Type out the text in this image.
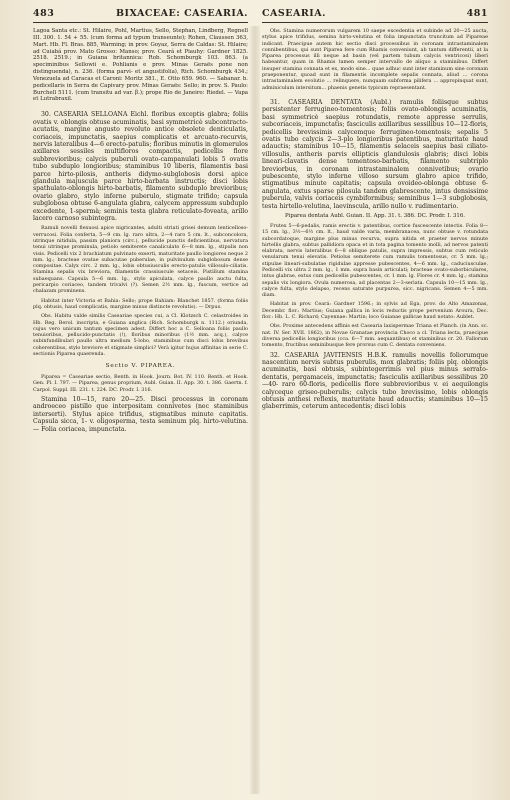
483	BIXACEAE: CASEARIA. CASEARIA.	481

Lagoa Santa etc.: St. Hilaire, Pohl, Martius, Sello, Stephan, Lindberg, Regnell III. 300. 1. 54 + 55. (cum forma ad typum transeunte); Rohen, Claussen 363, Mart. Hb. Fl. Bras. 885, Warming; in prov. Goyaz, Serra de Caldas: St. Hilaire; ad Cuiabá prov. Mato Grosso: Manso; prov. Ceará et Piauhy: Gardner 1825. 2518. 2519.; in Guiana britannica: Rob. Schomburgk 103. 863. (a speciminibus Sellowii e. Pohlianis e prov. Minas Geraës pone non distinguenda), n. 236. (forma parvi- et angustifolia), Rich. Schomburgk 434.; Venezuela ad Caracas et Caroni: Moritz 381., E. Otto 659. 960. — Sabanar. b. pedicellaris in Serra de Capivary prov. Minas Geraës: Sello; in prov. S. Paulo: Burchell 5111. (cum transitu ad var. β.); prope Rio de Janeiro: Riedel. — Vapa et Lutrabraxil.

30. CASEARIA SELLOANA Eichl. floribus exceptis glabra; foliis ovatis v. oblongis obtuse acuminatis, basi symmetricè subcontracto-acutatis, margine angusto revoluto antice obsolete denticulatis, coriaceis, impunctatis, saepius complicatis et arcuato-recurvis, nervis lateralibus 4—6 erecto-patulis; floribus minutis in glomerulos axillares sessiles multifloros compactis, pedicellis flore subbrevioribus; calycis puberuli ovato-campanulati lobis 5 ovatis tubo subduplo longioribus; staminibus 10 liberis, filamentis basi parce hirto-pilosis, antheris didymo-subglobosis dorsi apice glandula majuscula parce hirto-barbata instructis; disci lobis spathulato-oblongis hirto-barbatis, filamento subduplo brevioribus; ovario glabro, stylo inferne puberulo, stigmate trifido; capsula subglobosa obtuse 6-angulata glabra, calycem appressum subduplo excedente, 1-spermà; seminis testa glabra reticulato-foveata, arillo lacero carnoso subintegra.

Ramuli novelli flexuosi apice nigricantes, adulti striati grisei demum lenticelloso-verrucosi. Folia conferta, 5—9 cm. lg. raro ultra, 2—4 raro 5 cm. lt., subconcolora, utrinque nitidula, passim planiora (circ.), pellucide punctis deficientibus, nervatura tenui utrinque prominula, petiolo semiterete canaliculato 6—8 mm. lg., stipulis non visis. Pedicelli vix 2 brachiatum pulvinato exserti, maturitate paullo longiores neque 2 mm. lg.; bracteae ovatae subacutae puberulae, in pulvinulum subglobosum dense compositae. Calyx circ. 2 mm. lg., lobis obtusiusculis erecto-patulis villosulo-ciliatis. Stamina sepalis vix breviora, filamentis crassiuscule setaceis. Pistillum stamina subaequans. Capsula 5—6 mm. lg., stylo apiculata, calyce paullo auctu fulta, pericarpio coriaceo, tandem trivalvi (?). Semen 2½ mm. lg., fuscum, vertice ad chalazam prominens.

Habitat inter Victoria et Bahia: Sello; prope Bahiam: Blanchet 1857. (forma foliis plq. obtusis, haud complicatis, margine minus distincte revolutis). — Drpus.

Obs. Habitu valde similis Caseariae species cui, a Cl. Klotzsch C. celastroides in Hb. Reg. Berol. inscripta, e Guiana anglica (Rich. Schomburgk n. 1112.) oriunda, cujus vero unicum tantum specimen adest. Differt hoc a C. Selloana foliis paullo tenuioribus, pellucido-punctatis (!), floribus minoribus (1½ mm. acq.), calyce subinfundibulari paullo ultra medium 5-lobo, staminibus cum disci lobis brevibus coherentibus, stylo breviore et stigmate simplici? Verà igitur hujus affinitas in serie C. sectionis Piparea quaerenda.

Sectio V. PIPAREA.

Piparea = Caseariae sectio, Benth. in Hook. Journ. Bot. IV. 110. Benth. et Hook. Gen. Pl. I. 797. — Piparea, genus proprium, Aubl. Guian. II. App. 30. t. 386. Gaertn. f. Carpol. Suppl. III. 231. t. 224. DC. Prodr. I. 316.

Stamina 10—15, raro 20—25. Disci processus in coronam androeceo pistillo que interpositam connivetes (nec staminibus interserti). Stylus apice trifidus, stigmatibus minute capitatis. Capsula sicca, 1- v. oligosperma, testa seminum plq. hirto-velutina. — Folia coriacea, impunctata.

Obs. Stamina numerorum vulgarem 10 saepe excedentia et subinde ad 20—25 aucta, stylus apice trifidus, semina hirto-velutina et folia impunctata truncitum ad Pipareae indicant. Praecipue autem hic sectio disci processibus in coronam intrastaminalem connibentibus, qui sunt Piparea fere cum Rhamis conveniunt, ab tantum differentii, at la Piparea processus illi neque ad basin (vel partem tubum calycis ventricosi) liberi habeantur, quam in Rhamis tamen semper intervallo de aliquo a staminibus. Differt insuper stamina connata et ex, modo sine... quae adhuc sunt inter staminum sine coronam praeponentur, quoad sunt in filamentis incomplete sepalis connata, aliud ... corona intrastaminalem evolutio ... relinquere, nunquam subforma pilifera ... appropinquat sunt, adminiculum intersitum... phaenis genetis typicum repraesentant.

31. CASEARIA DENTATA (Aubl.) ramulis foliisque subtus persistenter ferrugineo-tomentosis; foliis ovato-oblongis acuminatis, basi symmetricè saepius rotundatis, remote appresse serrulis, subcoriaceis, impunctatis; fasciculis axillaribus sessilibus 10—12-floris, pedicellis brevissimis calycemque ferrugineo-tomentosis; sepalis 5 ovatis tubo calycis 2—3-plo longioribus patentibus, maturitate haud adauctis; staminibus 10—15, filamentis selaceis saepius basi ciliato-villosulis, antheris parvis ellipticis glandulosis glabris; disci lobis lineari-clavatis dense tomentoso-barbatis, filamento subtriplo breviorbus, in coronam intrastaminalem connivetibus; ovario pubescente, stylo inferne villoso sursum glabro apice trifido, stigmatibus minute capitatis; capsula ovoideo-oblonga obtuse 6-angulata, extus sparse pilosula tandem glabrescente, intus densissime puberula, valvis coriaceis cymbiformibus; seminibus 1—3 subglobosis, testa hirtello-velutina, laevinscula, arillo nullo v. rudimentario.

Piparea dentata Aubl. Guian. II. App. 31. t. 386. DC. Prodr. I. 316.

Frutex 5—6-pedalis, ramis erectis v. patentibus, cortice fuscescente intectis. Folia 8—15 cm. lg., 3½—6½ cm. lt., haud valde varia, membranacea, nunc obtuse v. rotundata subcordatoque, margine plus minus recurva, supra nitida et praeter nervos minute hirtellis glabra, subtus pallidiora opaca et in tota pagina tomento molli, ad nervos patenti elabrata, nervis lateralibus 6—8 oblique patulis, supra impressis, subtus cum reticulo venularum tenui elevatis. Petiolus semiterete cum ramulis tomentosus, cr. 5 mm. lg.; stipulae lineari-subulatae rigidulae appresse pubescentes, 4—6 mm. lg., caduciusculae. Pedicelli vix ultra 2 mm. lg., 1 mm. supra basin articulati; bracteae ovato-suborbiculares, intus glabrae, extus cum pedicellis pubescentes, cr. 1 mm. lg. Flores cr. 4 mm. lg.; stamina sepalis vix longiora. Ovula numerosa, ad placentas 2—3-seriata. Capsula 10—15 mm. lg., calyce fulta, stylo delapso, recens saturate purpurea, sicc. nigricans. Semen 4—5 mm. diam.

Habitat in prov. Ceará: Gardner 1596.; in sylvis ad Ega, prov. do Alto Amazonas, Decembr. flor.: Martius; Guiana gallica in locis reductis prope pervenium Aroura, Dec. flor.: Hb. L. C. Richard; Cayennae: Martin; loco Guianae gallicae haud notato: Aublet.

Obs. Proxime antecedens affinis est Casearia laxispermae Triana et Planch. (in Ann. sc. nat. IV. Ser. XVII. 1862), in Novae Granatae provincia Choco a cl. Triana lecta, praecipue diversa pedicellis longioribus (cca. 6—7 mm. aequantibus) et staminibus cr. 20. Fallorum tomento, fructibus seminibusque fere prorsus cum C. dentata conveniens.

32. CASEARIA JAVITENSIS H.B.K. ramulis novellis foliorumque nascentium nervis subtus puberulis, mox glabratis; foliis plq. oblongis acuminatis, basi obtusis, subintegerrimis vel pius minus serrato-dentatis, pergamaceis, impunctatis; fasciculis axillaribus sessilibus 20—40- raro 60-floris, pedicellis flore subbrevioribus v. ei aequilongis calyceque griseo-puberulis; calycis tubo brevissimo, lobis oblongis obtusis anthesi reflexis, maturitate haud adauctis; staminibus 10—15 glaberrimis, ceterum antecedentis; disci lobis
